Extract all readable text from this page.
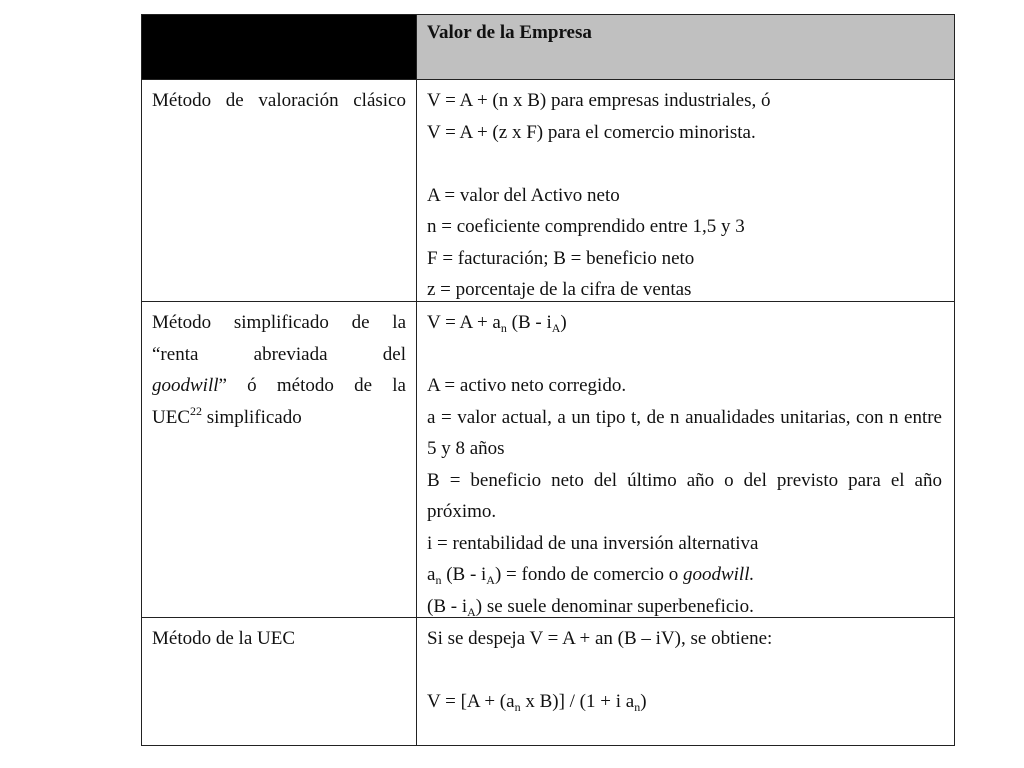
Valor de la Empresa
Método de valoración clásico	V = A + (n x B) para empresas industriales, ó
V = A + (z x F) para el comercio minorista.
A = valor del Activo neto
n = coeficiente comprendido entre 1,5 y 3
F = facturación; B = beneficio neto
z = porcentaje de la cifra de ventas
Método simplificado de la
“renta abreviada del
goodwill” ó método de la
UEC$^{22}$ simplificado
$V = A + a_n$ $(B - i_A)$
A = activo neto corregido.
a = valor actual, a un tipo t, de n anualidades unitarias, con n entre 5 y 8 años
B = beneficio neto del último año o del previsto para el año próximo.
i = rentabilidad de una inversión alternativa
$a_n$ $(B - i_A)$ = fondo de comercio o goodwill.
$(B - i_A)$ se suele denominar superbeneficio.
Método de la UEC	Si se despeja V = A + an (B – iV), se obtiene:
$V = [A + (a_n$ x B)] / (1 + i $a_n$)
